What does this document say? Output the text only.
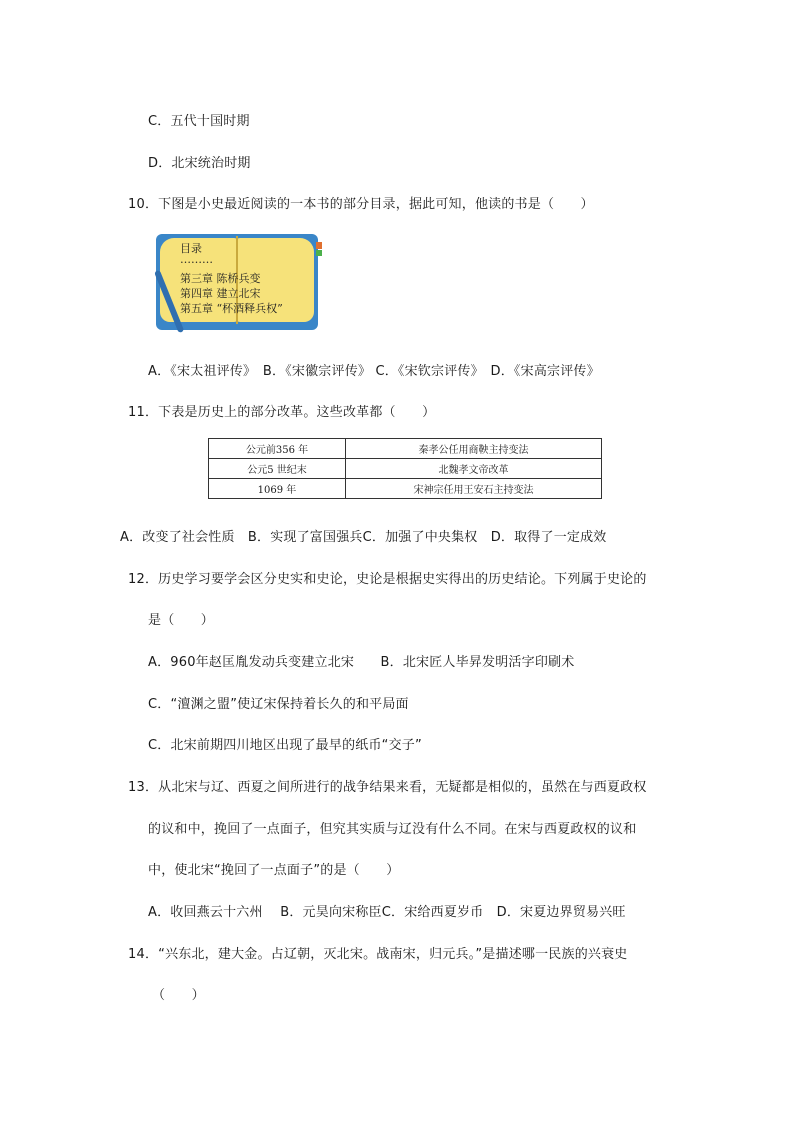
C．五代十国时期
D．北宋统治时期
10．下图是小史最近阅读的一本书的部分目录，据此可知，他读的书是（　　）
目录
………
第三章 陈桥兵变
第四章 建立北宋
第五章 “杯酒释兵权”
A．《宋太祖评传》　B．《宋徽宗评传》 C．《宋钦宗评传》　D．《宋高宗评传》
11．下表是历史上的部分改革。这些改革都（　　）
公元前356 年	秦孝公任用商鞅主持变法
公元5 世纪末	北魏孝文帝改革
1069 年	宋神宗任用王安石主持变法
A．改变了社会性质　B．实现了富国强兵C．加强了中央集权　D．取得了一定成效
12．历史学习要学会区分史实和史论，史论是根据史实得出的历史结论。下列属于史论的
是（　　）
A．960年赵匡胤发动兵变建立北宋　　B．北宋匠人毕昇发明活字印刷术
C．“澶渊之盟”使辽宋保持着长久的和平局面
C．北宋前期四川地区出现了最早的纸币“交子”
13．从北宋与辽、西夏之间所进行的战争结果来看，无疑都是相似的，虽然在与西夏政权
的议和中，挽回了一点面子，但究其实质与辽没有什么不同。在宋与西夏政权的议和
中，使北宋“挽回了一点面子”的是（　　）
A．收回燕云十六州　 B．元昊向宋称臣C．宋给西夏岁币　D．宋夏边界贸易兴旺
14．“兴东北，建大金。占辽朝，灭北宋。战南宋，归元兵。”是描述哪一民族的兴衰史
（　　）
